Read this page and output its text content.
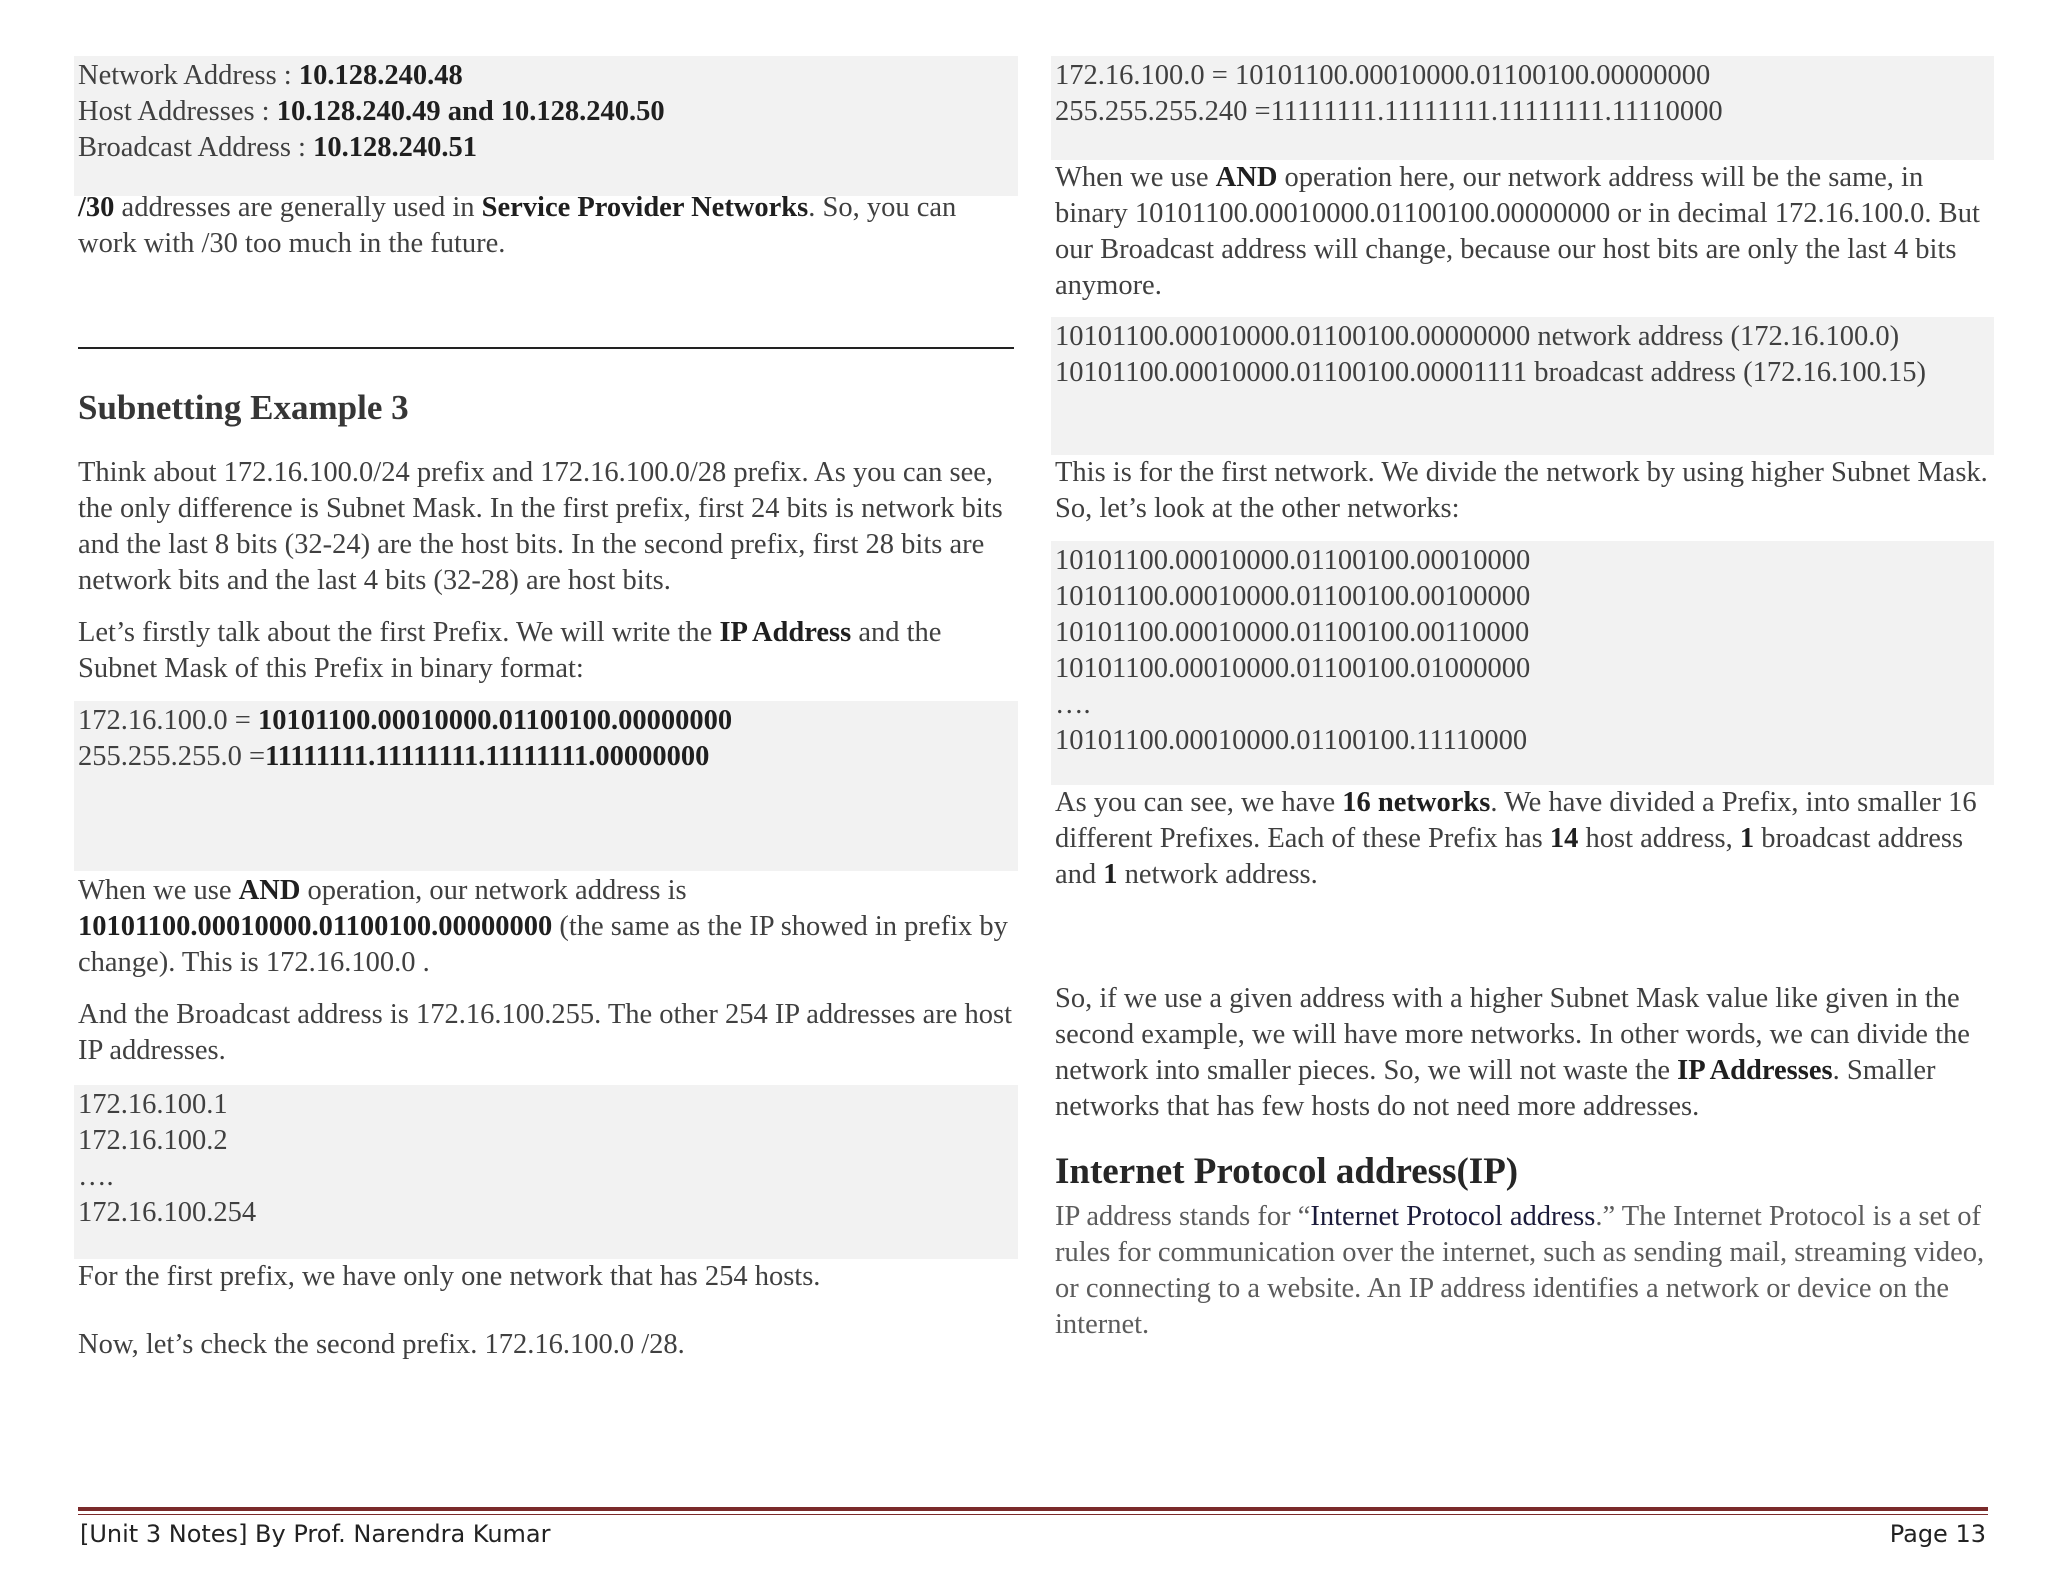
Network Address : 10.128.240.48
Host Addresses : 10.128.240.49 and 10.128.240.50
Broadcast Address : 10.128.240.51

/30 addresses are generally used in Service Provider Networks. So, you can work with /30 too much in the future.

Subnetting Example 3

Think about 172.16.100.0/24 prefix and 172.16.100.0/28 prefix. As you can see, the only difference is Subnet Mask. In the first prefix, first 24 bits is network bits and the last 8 bits (32-24) are the host bits. In the second prefix, first 28 bits are network bits and the last 4 bits (32-28) are host bits.

Let’s firstly talk about the first Prefix. We will write the IP Address and the Subnet Mask of this Prefix in binary format:

172.16.100.0 = 10101100.00010000.01100100.00000000
255.255.255.0 =11111111.11111111.11111111.00000000

When we use AND operation, our network address is 10101100.00010000.01100100.00000000 (the same as the IP showed in prefix by change). This is 172.16.100.0 .

And the Broadcast address is 172.16.100.255. The other 254 IP addresses are host IP addresses.

172.16.100.1
172.16.100.2
….
172.16.100.254

For the first prefix, we have only one network that has 254 hosts.

Now, let’s check the second prefix. 172.16.100.0 /28.

172.16.100.0 = 10101100.00010000.01100100.00000000
255.255.255.240 =11111111.11111111.11111111.11110000

When we use AND operation here, our network address will be the same, in binary 10101100.00010000.01100100.00000000 or in decimal 172.16.100.0. But our Broadcast address will change, because our host bits are only the last 4 bits anymore.

10101100.00010000.01100100.00000000 network address (172.16.100.0)
10101100.00010000.01100100.00001111 broadcast address (172.16.100.15)

This is for the first network. We divide the network by using higher Subnet Mask. So, let’s look at the other networks:

10101100.00010000.01100100.00010000
10101100.00010000.01100100.00100000
10101100.00010000.01100100.00110000
10101100.00010000.01100100.01000000
….
10101100.00010000.01100100.11110000

As you can see, we have 16 networks. We have divided a Prefix, into smaller 16 different Prefixes. Each of these Prefix has 14 host address, 1 broadcast address and 1 network address.

So, if we use a given address with a higher Subnet Mask value like given in the second example, we will have more networks. In other words, we can divide the network into smaller pieces. So, we will not waste the IP Addresses. Smaller networks that has few hosts do not need more addresses.

Internet Protocol address(IP)

IP address stands for “Internet Protocol address.” The Internet Protocol is a set of rules for communication over the internet, such as sending mail, streaming video, or connecting to a website. An IP address identifies a network or device on the internet.

[Unit 3 Notes] By Prof. Narendra Kumar	Page 13
